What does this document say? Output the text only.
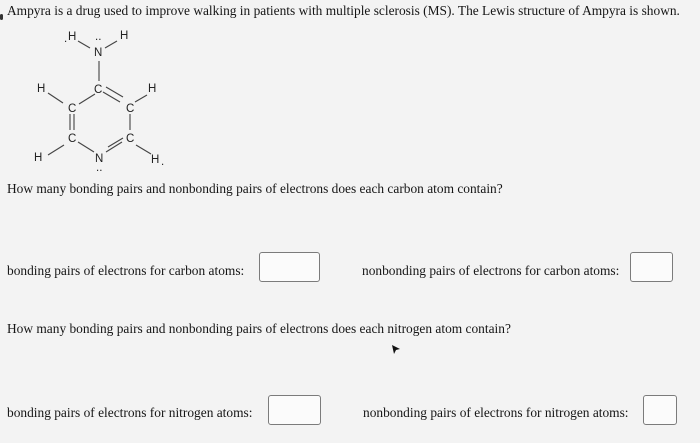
Ampyra is a drug used to improve walking in patients with multiple sclerosis (MS). The Lewis structure of Ampyra is shown.
. H ..
N
H
C
C	C
C	C
N
..
H	H
H	H .
How many bonding pairs and nonbonding pairs of electrons does each carbon atom contain?
bonding pairs of electrons for carbon atoms:	nonbonding pairs of electrons for carbon atoms:
How many bonding pairs and nonbonding pairs of electrons does each nitrogen atom contain?
bonding pairs of electrons for nitrogen atoms:	nonbonding pairs of electrons for nitrogen atoms:
